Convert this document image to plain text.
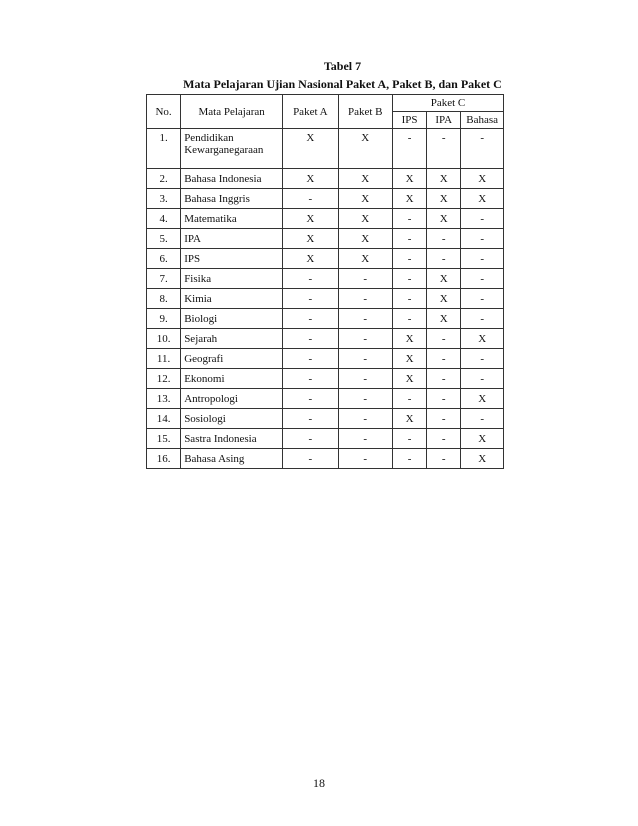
Tabel 7
Mata Pelajaran Ujian Nasional Paket A, Paket B, dan Paket C
No.	Mata Pelajaran	Paket A	Paket B	Paket C		
				IPS	IPA	Bahasa
1.	Pendidikan Kewarganegaraan	X	X	-	-	-
2.	Bahasa Indonesia	X	X	X	X	X
3.	Bahasa Inggris	-	X	X	X	X
4.	Matematika	X	X	-	X	-
5.	IPA	X	X	-	-	-
6.	IPS	X	X	-	-	-
7.	Fisika	-	-	-	X	-
8.	Kimia	-	-	-	X	-
9.	Biologi	-	-	-	X	-
10.	Sejarah	-	-	X	-	X
11.	Geografi	-	-	X	-	-
12.	Ekonomi	-	-	X	-	-
13.	Antropologi	-	-	-	-	X
14.	Sosiologi	-	-	X	-	-
15.	Sastra Indonesia	-	-	-	-	X
16.	Bahasa Asing	-	-	-	-	X
18
